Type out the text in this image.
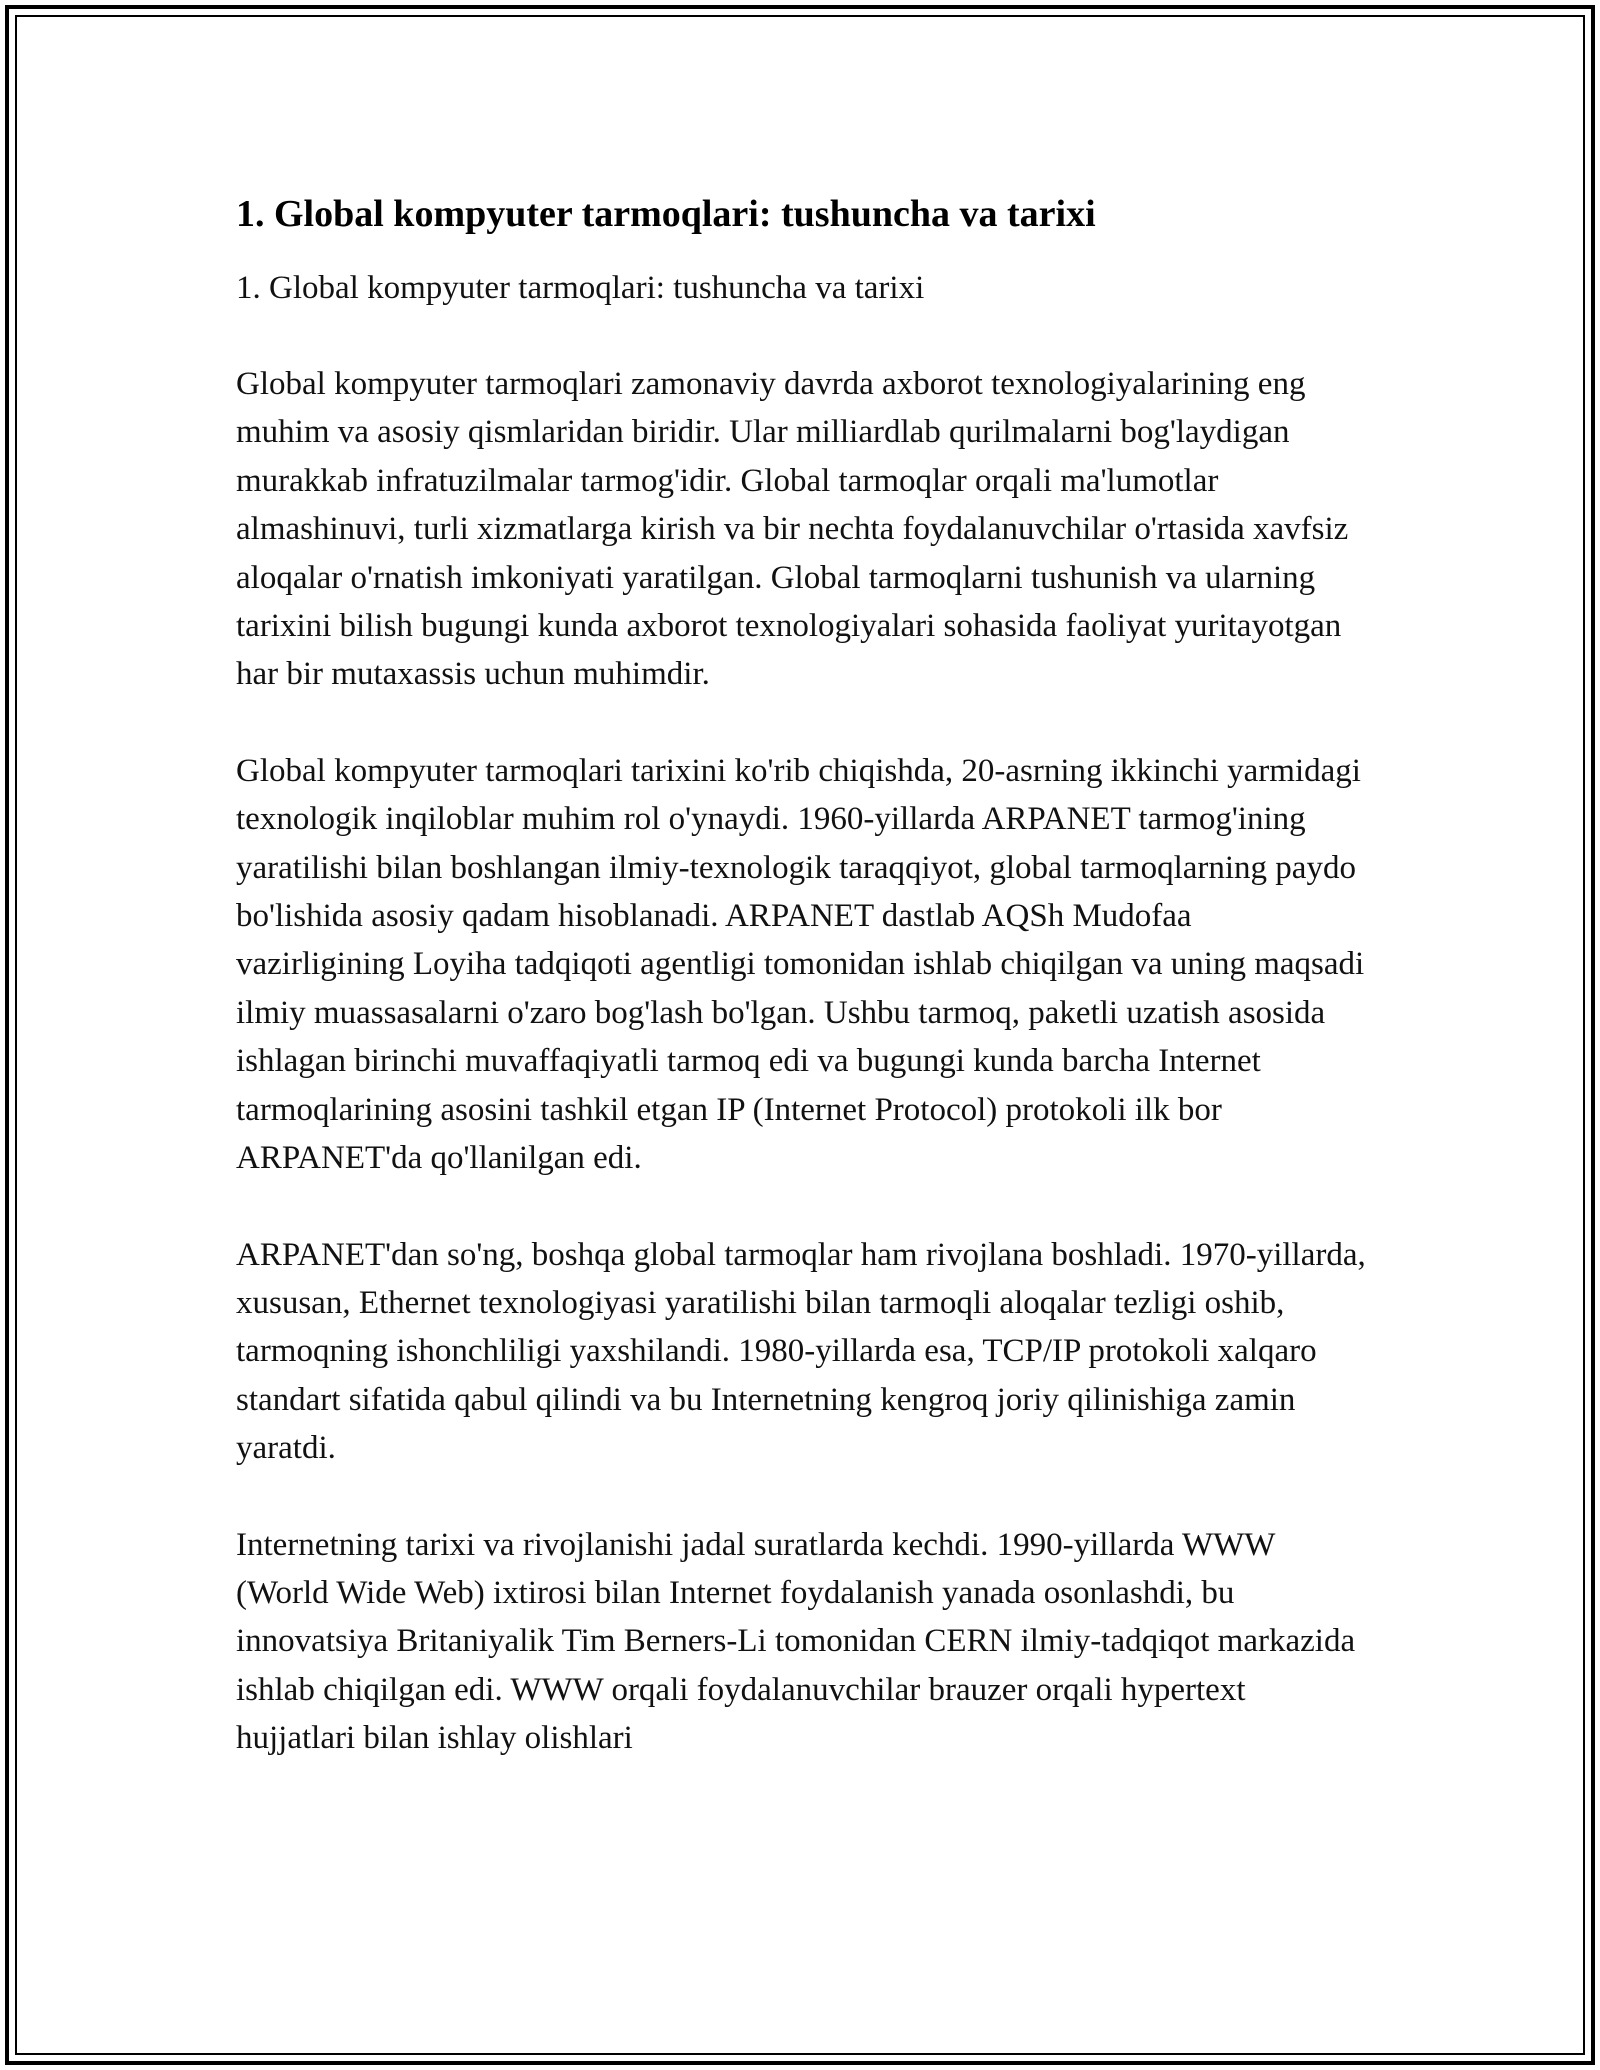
1. Global kompyuter tarmoqlari: tushuncha va tarixi

1. Global kompyuter tarmoqlari: tushuncha va tarixi

Global kompyuter tarmoqlari zamonaviy davrda axborot texnologiyalarining eng muhim va asosiy qismlaridan biridir. Ular milliardlab qurilmalarni bog'laydigan murakkab infratuzilmalar tarmog'idir. Global tarmoqlar orqali ma'lumotlar almashinuvi, turli xizmatlarga kirish va bir nechta foydalanuvchilar o'rtasida xavfsiz aloqalar o'rnatish imkoniyati yaratilgan. Global tarmoqlarni tushunish va ularning tarixini bilish bugungi kunda axborot texnologiyalari sohasida faoliyat yuritayotgan har bir mutaxassis uchun muhimdir.

Global kompyuter tarmoqlari tarixini ko'rib chiqishda, 20-asrning ikkinchi yarmidagi texnologik inqiloblar muhim rol o'ynaydi. 1960-yillarda ARPANET tarmog'ining yaratilishi bilan boshlangan ilmiy-texnologik taraqqiyot, global tarmoqlarning paydo bo'lishida asosiy qadam hisoblanadi. ARPANET dastlab AQSh Mudofaa vazirligining Loyiha tadqiqoti agentligi tomonidan ishlab chiqilgan va uning maqsadi ilmiy muassasalarni o'zaro bog'lash bo'lgan. Ushbu tarmoq, paketli uzatish asosida ishlagan birinchi muvaffaqiyatli tarmoq edi va bugungi kunda barcha Internet tarmoqlarining asosini tashkil etgan IP (Internet Protocol) protokoli ilk bor ARPANET'da qo'llanilgan edi.

ARPANET'dan so'ng, boshqa global tarmoqlar ham rivojlana boshladi. 1970-yillarda, xususan, Ethernet texnologiyasi yaratilishi bilan tarmoqli aloqalar tezligi oshib, tarmoqning ishonchliligi yaxshilandi. 1980-yillarda esa, TCP/IP protokoli xalqaro standart sifatida qabul qilindi va bu Internetning kengroq joriy qilinishiga zamin yaratdi.

Internetning tarixi va rivojlanishi jadal suratlarda kechdi. 1990-yillarda WWW (World Wide Web) ixtirosi bilan Internet foydalanish yanada osonlashdi, bu innovatsiya Britaniyalik Tim Berners-Li tomonidan CERN ilmiy-tadqiqot markazida ishlab chiqilgan edi. WWW orqali foydalanuvchilar brauzer orqali hypertext hujjatlari bilan ishlay olishlari
